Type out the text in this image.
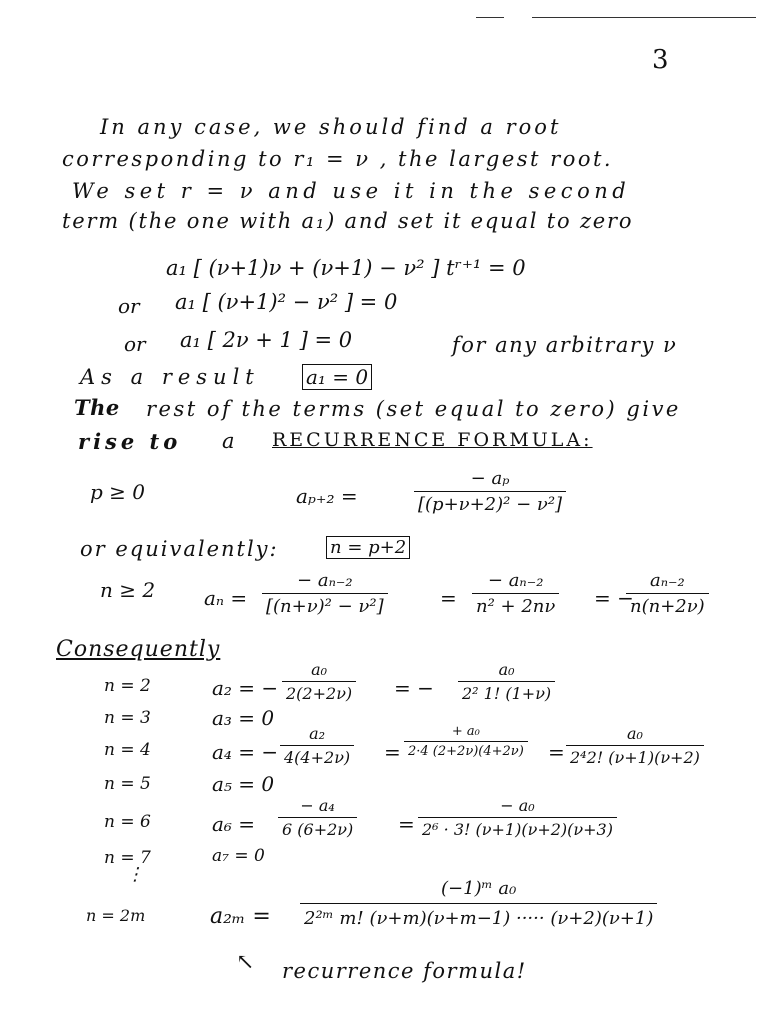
3
In any case, we should find a root
corresponding to r₁ = ν , the largest root.
We set r = ν and use it in the second
term (the one with a₁) and set it equal to zero
a₁ [ (ν+1)ν + (ν+1) − ν² ] tʳ⁺¹ = 0
or a₁ [ (ν+1)² − ν² ] = 0
or a₁ [ 2ν + 1 ] = 0	for any arbitrary ν
As a result a₁ = 0
The rest of the terms (set equal to zero) give
rise to a RECURRENCE FORMULA:
p ≥ 0	aₚ₊₂ =	$\frac{\text{− aₚ}}{\text{[(p+ν+2)² − ν²]}}$
or equivalently:	n = p+2
n ≥ 2 $a_n = \frac{\text{− aₙ₋₂}}{\text{[(n+ν)² − ν²]}}$	= $\frac{\text{− aₙ₋₂}}{\text{n² + 2nν}}$ = −
$\frac{\text{aₙ₋₂}}{n(n+2\nu)}$
Consequently
n = 2	a₂ = − $\frac{\text{a₀}}{2(2+2\nu)}$ = − $\frac{\text{a₀}}{\text{2² 1! (1+ν)}}$
n = 3	a₃ = 0
n = 4	a₄ = − $\frac{\text{a₂}}{4(4+2\nu)} = \frac{\text{+ a₀}}{2\cdot 4 (2+2\nu)(4+2\nu)} = \frac{\text{a₀}}{\text{2⁴2! (ν+1)(ν+2)}}$
n = 5	a₅ = 0
n = 6	$a_6 = \frac{\text{− a₄}}{6 (6+2\nu)} = \frac{\text{− a₀}}{\text{2⁶ · 3! (ν+1)(ν+2)(ν+3)}}$
n = 7	a₇ = 0
⋮
n = 2m	$a_{2m} = \frac{\text{(−1)ᵐ a₀}}{\text{2²ᵐ m! (ν+m)(ν+m−1) ····· (ν+2)(ν+1)}}$
↖ recurrence formula!
